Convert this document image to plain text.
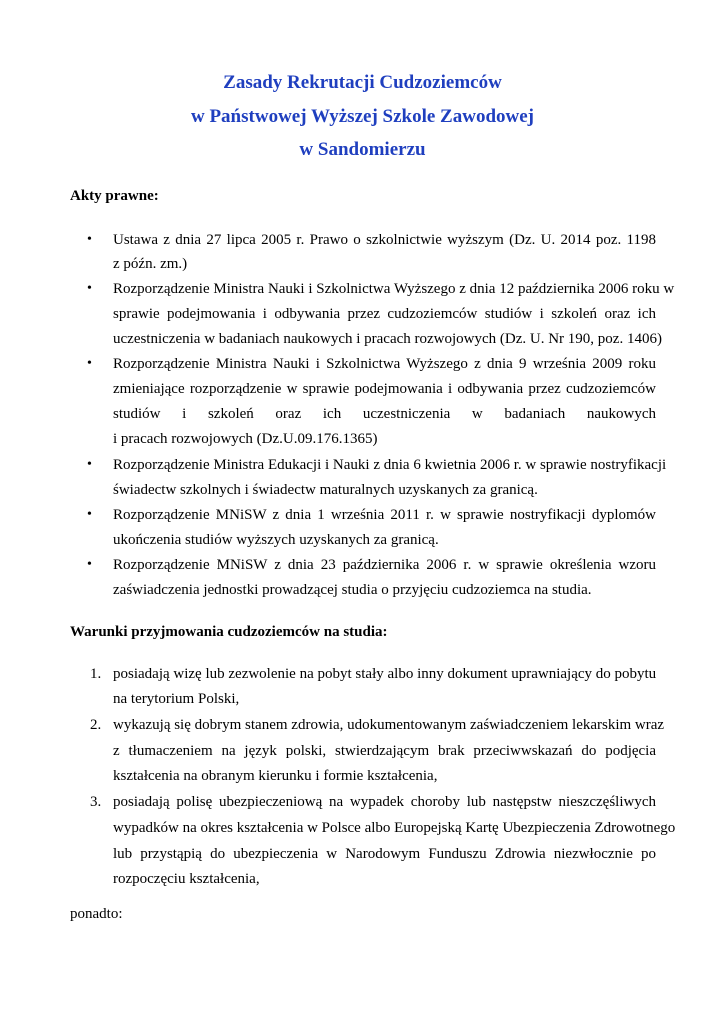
Zasady Rekrutacji Cudzoziemców
w Państwowej Wyższej Szkole Zawodowej
w Sandomierzu
Akty prawne:
• Ustawa z dnia 27 lipca 2005 r. Prawo o szkolnictwie wyższym (Dz. U. 2014 poz. 1198
z późn. zm.)
• Rozporządzenie Ministra Nauki i Szkolnictwa Wyższego z dnia 12 października 2006 roku w
sprawie podejmowania i odbywania przez cudzoziemców studiów i szkoleń oraz ich
uczestniczenia w badaniach naukowych i pracach rozwojowych (Dz. U. Nr 190, poz. 1406)
• Rozporządzenie Ministra Nauki i Szkolnictwa Wyższego z dnia 9 września 2009 roku
zmieniające rozporządzenie w sprawie podejmowania i odbywania przez cudzoziemców
studiów i szkoleń oraz ich uczestniczenia w badaniach naukowych
i pracach rozwojowych (Dz.U.09.176.1365)
• Rozporządzenie Ministra Edukacji i Nauki z dnia 6 kwietnia 2006 r. w sprawie nostryfikacji
świadectw szkolnych i świadectw maturalnych uzyskanych za granicą.
• Rozporządzenie MNiSW z dnia 1 września 2011 r. w sprawie nostryfikacji dyplomów
ukończenia studiów wyższych uzyskanych za granicą.
• Rozporządzenie MNiSW z dnia 23 października 2006 r. w sprawie określenia wzoru
zaświadczenia jednostki prowadzącej studia o przyjęciu cudzoziemca na studia.
Warunki przyjmowania cudzoziemców na studia:
1. posiadają wizę lub zezwolenie na pobyt stały albo inny dokument uprawniający do pobytu
na terytorium Polski,
2. wykazują się dobrym stanem zdrowia, udokumentowanym zaświadczeniem lekarskim wraz
z tłumaczeniem na język polski, stwierdzającym brak przeciwwskazań do podjęcia
kształcenia na obranym kierunku i formie kształcenia,
3. posiadają polisę ubezpieczeniową na wypadek choroby lub następstw nieszczęśliwych
wypadków na okres kształcenia w Polsce albo Europejską Kartę Ubezpieczenia Zdrowotnego
lub przystąpią do ubezpieczenia w Narodowym Funduszu Zdrowia niezwłocznie po
rozpoczęciu kształcenia,
ponadto:
